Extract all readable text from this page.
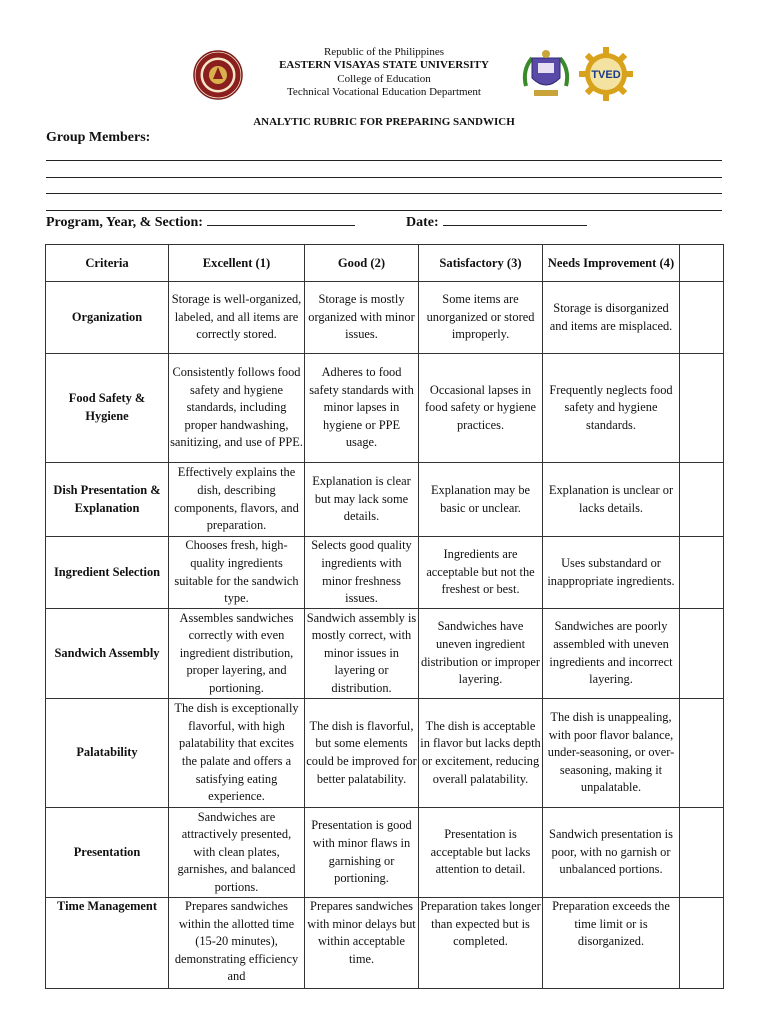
Republic of the Philippines
EASTERN VISAYAS STATE UNIVERSITY
College of Education
Technical Vocational Education Department
TVED
ANALYTIC RUBRIC FOR PREPARING SANDWICH
Group Members:
Program, Year, & Section:	Date:
Criteria	Excellent (1)	Good (2)	Satisfactory (3)	Needs Improvement (4)	
Organization	Storage is well-organized, labeled, and all items are correctly stored.	Storage is mostly organized with minor issues.	Some items are unorganized or stored improperly.	Storage is disorganized and items are misplaced.	
Food Safety & Hygiene	Consistently follows food safety and hygiene standards, including proper handwashing, sanitizing, and use of PPE.	Adheres to food safety standards with minor lapses in hygiene or PPE usage.	Occasional lapses in food safety or hygiene practices.	Frequently neglects food safety and hygiene standards.	
Dish Presentation & Explanation	Effectively explains the dish, describing components, flavors, and preparation.	Explanation is clear but may lack some details.	Explanation may be basic or unclear.	Explanation is unclear or lacks details.	
Ingredient Selection	Chooses fresh, high-quality ingredients suitable for the sandwich type.	Selects good quality ingredients with minor freshness issues.	Ingredients are acceptable but not the freshest or best.	Uses substandard or inappropriate ingredients.	
Sandwich Assembly	Assembles sandwiches correctly with even ingredient distribution, proper layering, and portioning.	Sandwich assembly is mostly correct, with minor issues in layering or distribution.	Sandwiches have uneven ingredient distribution or improper layering.	Sandwiches are poorly assembled with uneven ingredients and incorrect layering.	
Palatability	The dish is exceptionally flavorful, with high palatability that excites the palate and offers a satisfying eating experience.	The dish is flavorful, but some elements could be improved for better palatability.	The dish is acceptable in flavor but lacks depth or excitement, reducing overall palatability.	The dish is unappealing, with poor flavor balance, under-seasoning, or over-seasoning, making it unpalatable.	
Presentation	Sandwiches are attractively presented, with clean plates, garnishes, and balanced portions.	Presentation is good with minor flaws in garnishing or portioning.	Presentation is acceptable but lacks attention to detail.	Sandwich presentation is poor, with no garnish or unbalanced portions.	
Time Management	Prepares sandwiches within the allotted time (15-20 minutes), demonstrating efficiency and	Prepares sandwiches with minor delays but within acceptable time.	Preparation takes longer than expected but is completed.	Preparation exceeds the time limit or is disorganized.	
